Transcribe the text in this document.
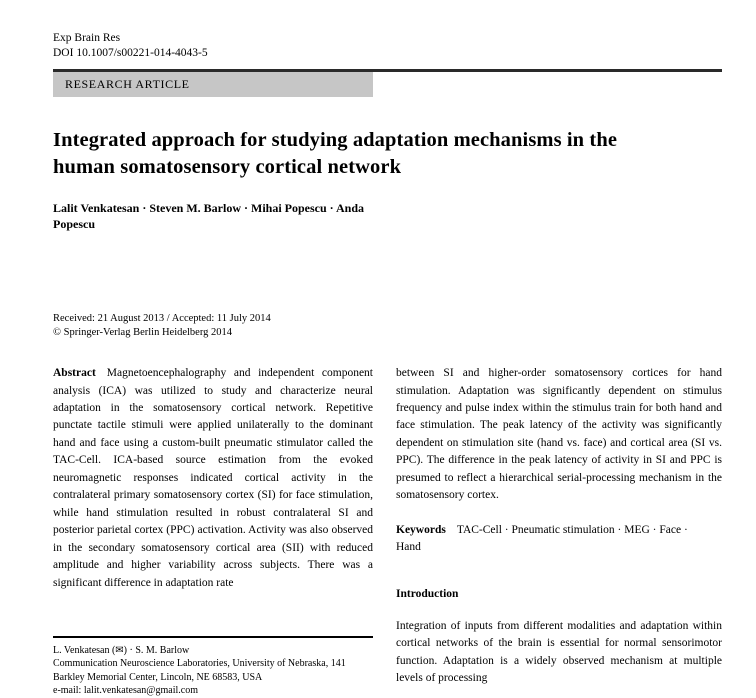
Exp Brain Res
DOI 10.1007/s00221-014-4043-5
RESEARCH ARTICLE
Integrated approach for studying adaptation mechanisms in the human somatosensory cortical network
Lalit Venkatesan · Steven M. Barlow · Mihai Popescu · Anda Popescu
Received: 21 August 2013 / Accepted: 11 July 2014
© Springer-Verlag Berlin Heidelberg 2014

Abstract Magnetoencephalography and independent component analysis (ICA) was utilized to study and characterize neural adaptation in the somatosensory cortical network. Repetitive punctate tactile stimuli were applied unilaterally to the dominant hand and face using a custom-built pneumatic stimulator called the TAC-Cell. ICA-based source estimation from the evoked neuromagnetic responses indicated cortical activity in the contralateral primary somatosensory cortex (SI) for face stimulation, while hand stimulation resulted in robust contralateral SI and posterior parietal cortex (PPC) activation. Activity was also observed in the secondary somatosensory cortical area (SII) with reduced amplitude and higher variability across subjects. There was a significant difference in adaptation rate

L. Venkatesan (✉) · S. M. Barlow
Communication Neuroscience Laboratories, University of Nebraska, 141 Barkley Memorial Center, Lincoln, NE 68583, USA
e-mail: lalit.venkatesan@gmail.com

between SI and higher-order somatosensory cortices for hand stimulation. Adaptation was significantly dependent on stimulus frequency and pulse index within the stimulus train for both hand and face stimulation. The peak latency of the activity was significantly dependent on stimulation site (hand vs. face) and cortical area (SI vs. PPC). The difference in the peak latency of activity in SI and PPC is presumed to reflect a hierarchical serial-processing mechanism in the somatosensory cortex.

Keywords TAC-Cell · Pneumatic stimulation · MEG · Face · Hand

Introduction

Integration of inputs from different modalities and adaptation within cortical networks of the brain is essential for normal sensorimotor function. Adaptation is a widely observed mechanism at multiple levels of processing
